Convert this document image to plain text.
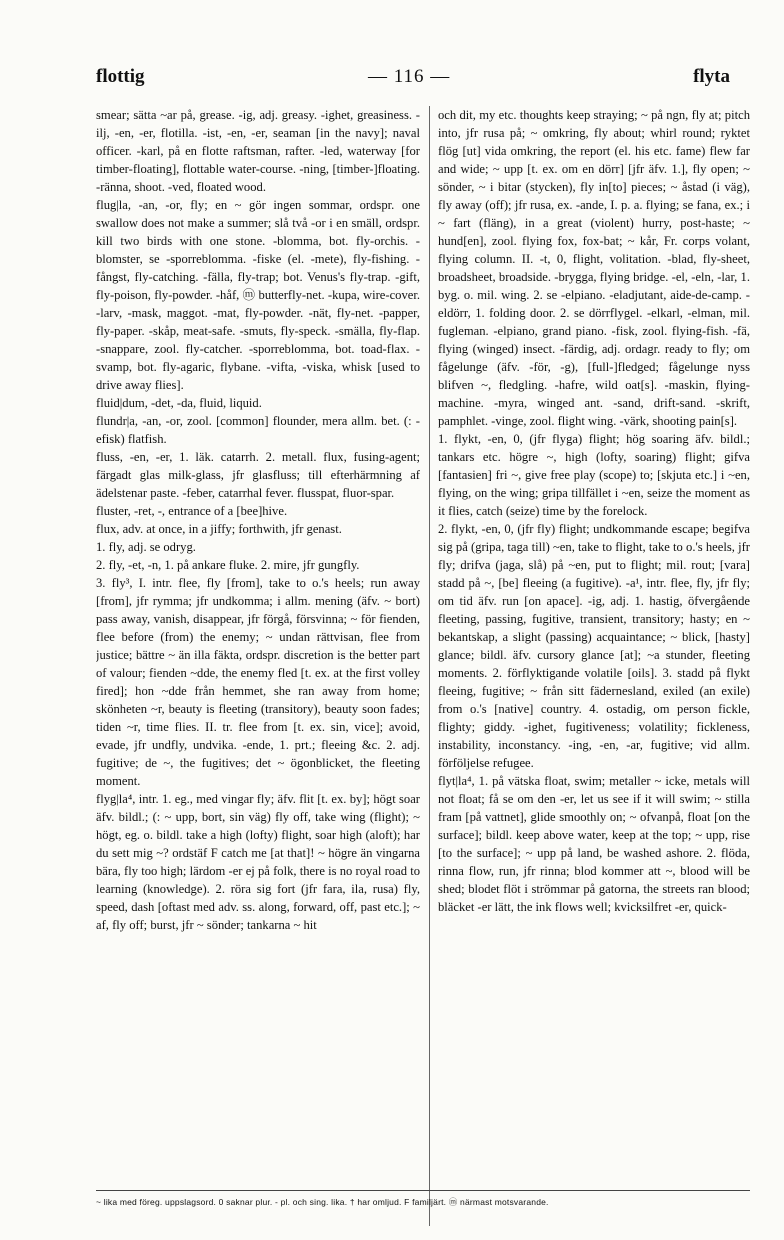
flottig	— 116 —	flyta

smear; sätta ~ar på, grease. -ig, adj. greasy. -ighet, greasiness. -ilj, -en, -er, flotilla. -ist, -en, -er, seaman [in the navy]; naval officer. -karl, på en flotte raftsman, rafter. -led, waterway [for timber-floating], flottable water-course. -ning, [timber-]floating. -ränna, shoot. -ved, floated wood.

flug|la, -an, -or, fly; en ~ gör ingen sommar, ordspr. one swallow does not make a summer; slå två -or i en smäll, ordspr. kill two birds with one stone. -blomma, bot. fly-orchis. -blomster, se -sporreblomma. -fiske (el. -mete), fly-fishing. -fångst, fly-catching. -fälla, fly-trap; bot. Venus's fly-trap. -gift, fly-poison, fly-powder. -håf, ⓜ butterfly-net. -kupa, wire-cover. -larv, -mask, maggot. -mat, fly-powder. -nät, fly-net. -papper, fly-paper. -skåp, meat-safe. -smuts, fly-speck. -smälla, fly-flap. -snappare, zool. fly-catcher. -sporreblomma, bot. toad-flax. -svamp, bot. fly-agaric, flybane. -vifta, -viska, whisk [used to drive away flies].

fluid|dum, -det, -da, fluid, liquid.

flundr|a, -an, -or, zool. [common] flounder, mera allm. bet. (: -efisk) flatfish.

fluss, -en, -er, 1. läk. catarrh. 2. metall. flux, fusing-agent; färgadt glas milk-glass, jfr glasfluss; till efterhärmning af ädelstenar paste. -feber, catarrhal fever. flusspat, fluor-spar.

fluster, -ret, -, entrance of a [bee]hive.

flux, adv. at once, in a jiffy; forthwith, jfr genast.

1. fly, adj. se odryg.

2. fly, -et, -n, 1. på ankare fluke. 2. mire, jfr gungfly.

3. fly³, I. intr. flee, fly [from], take to o.'s heels; run away [from], jfr rymma; jfr undkomma; i allm. mening (äfv. ~ bort) pass away, vanish, disappear, jfr förgå, försvinna; ~ för fienden, flee before (from) the enemy; ~ undan rättvisan, flee from justice; bättre ~ än illa fäkta, ordspr. discretion is the better part of valour; fienden ~dde, the enemy fled [t. ex. at the first volley fired]; hon ~dde från hemmet, she ran away from home; skönheten ~r, beauty is fleeting (transitory), beauty soon fades; tiden ~r, time flies. II. tr. flee from [t. ex. sin, vice]; avoid, evade, jfr undfly, undvika. -ende, 1. prt.; fleeing &c. 2. adj. fugitive; de ~, the fugitives; det ~ ögonblicket, the fleeting moment.

flyg|la⁴, intr. 1. eg., med vingar fly; äfv. flit [t. ex. by]; högt soar äfv. bildl.; (: ~ upp, bort, sin väg) fly off, take wing (flight); ~ högt, eg. o. bildl. take a high (lofty) flight, soar high (aloft); har du sett mig ~? ordstäf F catch me [at that]! ~ högre än vingarna bära, fly too high; lärdom -er ej på folk, there is no royal road to learning (knowledge). 2. röra sig fort (jfr fara, ila, rusa) fly, speed, dash [oftast med adv. ss. along, forward, off, past etc.]; ~ af, fly off; burst, jfr ~ sönder; tankarna ~ hit

och dit, my etc. thoughts keep straying; ~ på ngn, fly at; pitch into, jfr rusa på; ~ omkring, fly about; whirl round; ryktet flög [ut] vida omkring, the report (el. his etc. fame) flew far and wide; ~ upp [t. ex. om en dörr] [jfr äfv. 1.], fly open; ~ sönder, ~ i bitar (stycken), fly in[to] pieces; ~ åstad (i väg), fly away (off); jfr rusa, ex. -ande, I. p. a. flying; se fana, ex.; i ~ fart (fläng), in a great (violent) hurry, post-haste; ~ hund[en], zool. flying fox, fox-bat; ~ kår, Fr. corps volant, flying column. II. -t, 0, flight, volitation. -blad, fly-sheet, broadsheet, broadside. -brygga, flying bridge. -el, -eln, -lar, 1. byg. o. mil. wing. 2. se -elpiano. -eladjutant, aide-de-camp. -eldörr, 1. folding door. 2. se dörrflygel. -elkarl, -elman, mil. fugleman. -elpiano, grand piano. -fisk, zool. flying-fish. -fä, flying (winged) insect. -färdig, adj. ordagr. ready to fly; om fågelunge (äfv. -för, -g), [full-]fledged; fågelunge nyss blifven ~, fledgling. -hafre, wild oat[s]. -maskin, flying-machine. -myra, winged ant. -sand, drift-sand. -skrift, pamphlet. -vinge, zool. flight wing. -värk, shooting pain[s].

1. flykt, -en, 0, (jfr flyga) flight; hög soaring äfv. bildl.; tankars etc. högre ~, high (lofty, soaring) flight; gifva [fantasien] fri ~, give free play (scope) to; [skjuta etc.] i ~en, flying, on the wing; gripa tillfället i ~en, seize the moment as it flies, catch (seize) time by the forelock.

2. flykt, -en, 0, (jfr fly) flight; undkommande escape; begifva sig på (gripa, taga till) ~en, take to flight, take to o.'s heels, jfr fly; drifva (jaga, slå) på ~en, put to flight; mil. rout; [vara] stadd på ~, [be] fleeing (a fugitive). -a¹, intr. flee, fly, jfr fly; om tid äfv. run [on apace]. -ig, adj. 1. hastig, öfvergående fleeting, passing, fugitive, transient, transitory; hasty; en ~ bekantskap, a slight (passing) acquaintance; ~ blick, [hasty] glance; bildl. äfv. cursory glance [at]; ~a stunder, fleeting moments. 2. förflyktigande volatile [oils]. 3. stadd på flykt fleeing, fugitive; ~ från sitt fädernesland, exiled (an exile) from o.'s [native] country. 4. ostadig, om person fickle, flighty; giddy. -ighet, fugitiveness; volatility; fickleness, instability, inconstancy. -ing, -en, -ar, fugitive; vid allm. förföljelse refugee.

flyt|la⁴, 1. på vätska float, swim; metaller ~ icke, metals will not float; få se om den -er, let us see if it will swim; ~ stilla fram [på vattnet], glide smoothly on; ~ ofvanpå, float [on the surface]; bildl. keep above water, keep at the top; ~ upp, rise [to the surface]; ~ upp på land, be washed ashore. 2. flöda, rinna flow, run, jfr rinna; blod kommer att ~, blood will be shed; blodet flöt i strömmar på gatorna, the streets ran blood; bläcket -er lätt, the ink flows well; kvicksilfret -er, quick-

~ lika med föreg. uppslagsord. 0 saknar plur. - pl. och sing. lika. † har omljud. F familjärt. ⓜ närmast motsvarande.
